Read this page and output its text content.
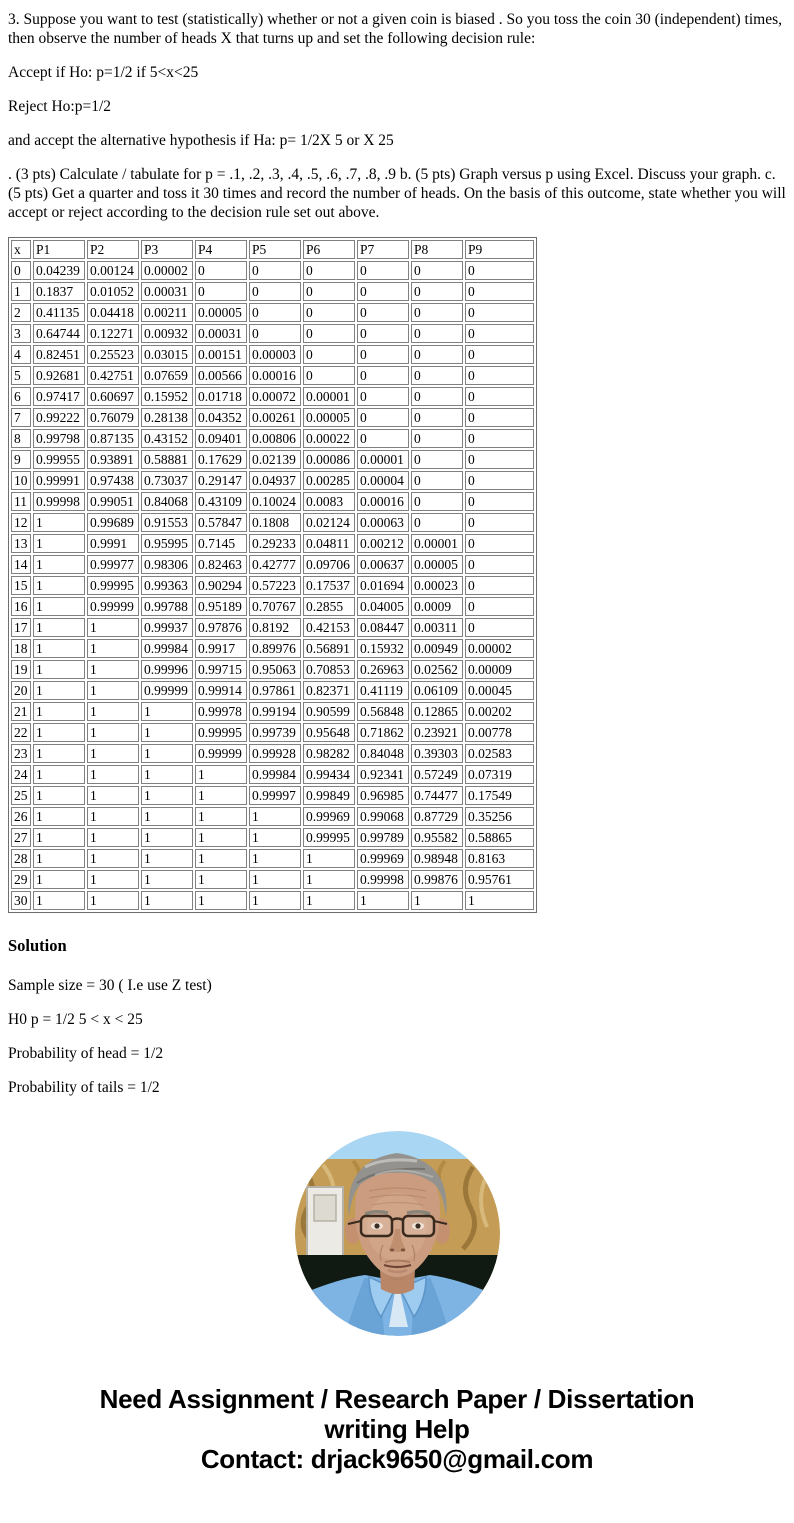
3. Suppose you want to test (statistically) whether or not a given coin is biased . So you toss the coin 30 (independent) times, then observe the number of heads X that turns up and set the following decision rule:

Accept if Ho: p=1/2 if 5<x<25

Reject Ho:p=1/2

and accept the alternative hypothesis if Ha: p= 1/2X 5 or X 25

. (3 pts) Calculate / tabulate for p = .1, .2, .3, .4, .5, .6, .7, .8, .9 b. (5 pts) Graph versus p using Excel. Discuss your graph. c. (5 pts) Get a quarter and toss it 30 times and record the number of heads. On the basis of this outcome, state whether you will accept or reject according to the decision rule set out above.

x	P1	P2	P3	P4	P5	P6	P7	P8	P9
0	0.04239	0.00124	0.00002	0	0	0	0	0	0
1	0.1837	0.01052	0.00031	0	0	0	0	0	0
2	0.41135	0.04418	0.00211	0.00005	0	0	0	0	0
3	0.64744	0.12271	0.00932	0.00031	0	0	0	0	0
4	0.82451	0.25523	0.03015	0.00151	0.00003	0	0	0	0
5	0.92681	0.42751	0.07659	0.00566	0.00016	0	0	0	0
6	0.97417	0.60697	0.15952	0.01718	0.00072	0.00001	0	0	0
7	0.99222	0.76079	0.28138	0.04352	0.00261	0.00005	0	0	0
8	0.99798	0.87135	0.43152	0.09401	0.00806	0.00022	0	0	0
9	0.99955	0.93891	0.58881	0.17629	0.02139	0.00086	0.00001	0	0
10	0.99991	0.97438	0.73037	0.29147	0.04937	0.00285	0.00004	0	0
11	0.99998	0.99051	0.84068	0.43109	0.10024	0.0083	0.00016	0	0
12	1	0.99689	0.91553	0.57847	0.1808	0.02124	0.00063	0	0
13	1	0.9991	0.95995	0.7145	0.29233	0.04811	0.00212	0.00001	0
14	1	0.99977	0.98306	0.82463	0.42777	0.09706	0.00637	0.00005	0
15	1	0.99995	0.99363	0.90294	0.57223	0.17537	0.01694	0.00023	0
16	1	0.99999	0.99788	0.95189	0.70767	0.2855	0.04005	0.0009	0
17	1	1	0.99937	0.97876	0.8192	0.42153	0.08447	0.00311	0
18	1	1	0.99984	0.9917	0.89976	0.56891	0.15932	0.00949	0.00002
19	1	1	0.99996	0.99715	0.95063	0.70853	0.26963	0.02562	0.00009
20	1	1	0.99999	0.99914	0.97861	0.82371	0.41119	0.06109	0.00045
21	1	1	1	0.99978	0.99194	0.90599	0.56848	0.12865	0.00202
22	1	1	1	0.99995	0.99739	0.95648	0.71862	0.23921	0.00778
23	1	1	1	0.99999	0.99928	0.98282	0.84048	0.39303	0.02583
24	1	1	1	1	0.99984	0.99434	0.92341	0.57249	0.07319
25	1	1	1	1	0.99997	0.99849	0.96985	0.74477	0.17549
26	1	1	1	1	1	0.99969	0.99068	0.87729	0.35256
27	1	1	1	1	1	0.99995	0.99789	0.95582	0.58865
28	1	1	1	1	1	1	0.99969	0.98948	0.8163
29	1	1	1	1	1	1	0.99998	0.99876	0.95761
30	1	1	1	1	1	1	1	1	1
Solution

Sample size = 30 ( I.e use Z test)

H0 p = 1/2 5 < x < 25

Probability of head = 1/2

Probability of tails = 1/2

Need Assignment / Research Paper / Dissertation
writing Help
Contact: drjack9650@gmail.com
